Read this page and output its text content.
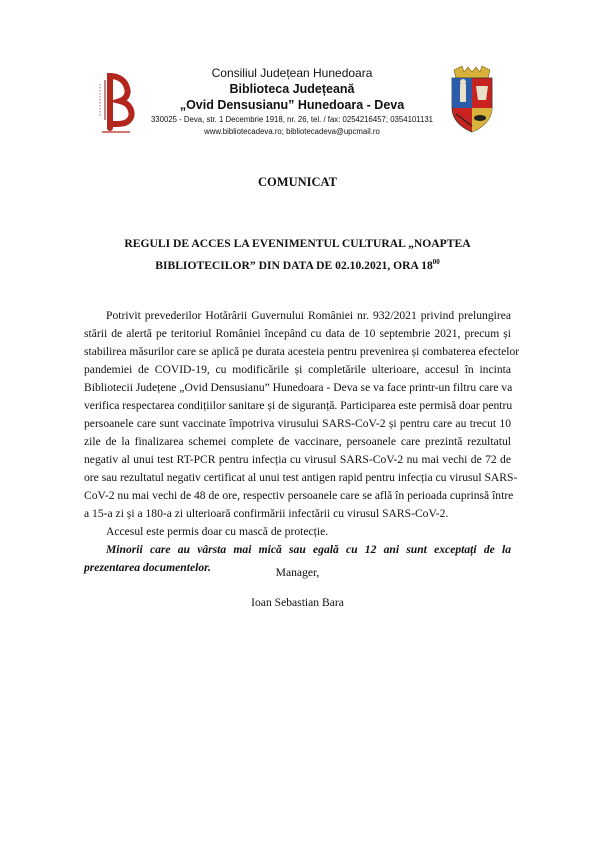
Consiliul Județean Hunedoara
Biblioteca Județeană
„Ovid Densusianu” Hunedoara - Deva
330025 - Deva, str. 1 Decembrie 1918, nr. 26, tel. / fax: 0254216457; 0354101131
www.bibliotecadeva.ro; bibliotecadeva@upcmail.ro
COMUNICAT
REGULI DE ACCES LA EVENIMENTUL CULTURAL „NOAPTEA
BIBLIOTECILOR” DIN DATA DE 02.10.2021, ORA $18^{00}$

Potrivit prevederilor Hotărârii Guvernului României nr. 932/2021 privind prelungirea
stării de alertă pe teritoriul României începând cu data de 10 septembrie 2021, precum și
stabilirea măsurilor care se aplică pe durata acesteia pentru prevenirea și combaterea efectelor
pandemiei de COVID-19, cu modificările și completările ulterioare, accesul în incinta
Bibliotecii Județene „Ovid Densusianu” Hunedoara - Deva se va face printr-un filtru care va
verifica respectarea condițiilor sanitare și de siguranță. Participarea este permisă doar pentru
persoanele care sunt vaccinate împotriva virusului SARS-CoV-2 și pentru care au trecut 10
zile de la finalizarea schemei complete de vaccinare, persoanele care prezintă rezultatul
negativ al unui test RT-PCR pentru infecția cu virusul SARS-CoV-2 nu mai vechi de 72 de
ore sau rezultatul negativ certificat al unui test antigen rapid pentru infecția cu virusul SARS-
CoV-2 nu mai vechi de 48 de ore, respectiv persoanele care se află în perioada cuprinsă între
a 15-a zi și a 180-a zi ulterioară confirmării infectării cu virusul SARS-CoV-2.

Accesul este permis doar cu mască de protecție.

Minorii care au vârsta mai mică sau egală cu 12 ani sunt exceptați de la
prezentarea documentelor.	Manager,
Ioan Sebastian Bara
